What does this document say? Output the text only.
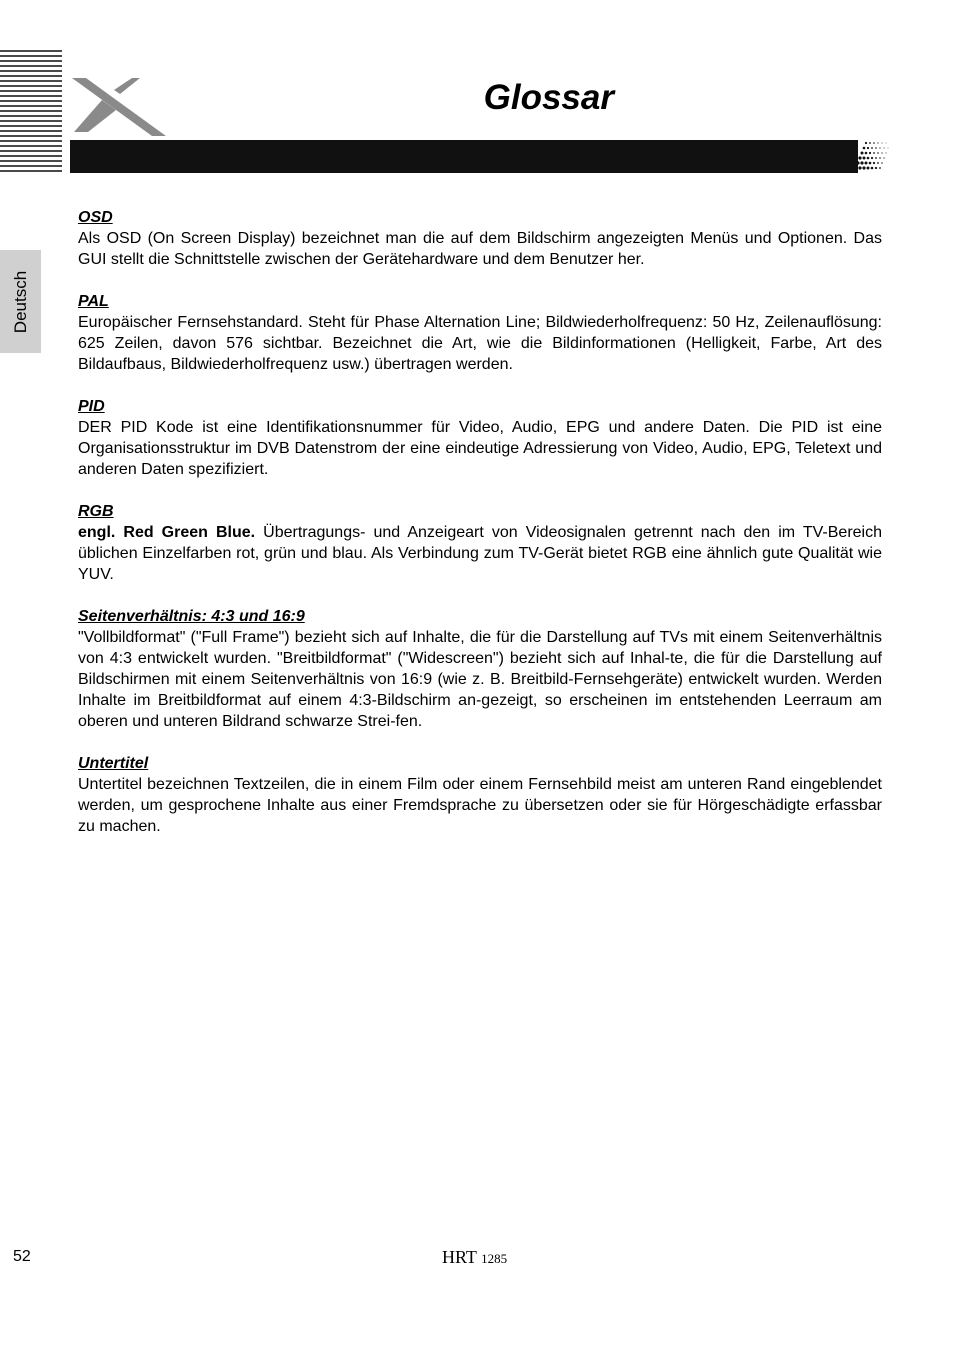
Glossar
Deutsch
OSD
Als OSD (On Screen Display) bezeichnet man die auf dem Bildschirm angezeigten Menüs und Optionen. Das GUI stellt die Schnittstelle zwischen der Gerätehardware und dem Benutzer her.
PAL
Europäischer Fernsehstandard. Steht für Phase Alternation Line; Bildwiederholfrequenz: 50 Hz, Zeilenauflösung: 625 Zeilen, davon 576 sichtbar. Bezeichnet die Art, wie die Bildinformationen (Helligkeit, Farbe, Art des Bildaufbaus, Bildwiederholfrequenz usw.) übertragen werden.
PID
DER PID Kode ist eine Identifikationsnummer für Video, Audio, EPG und andere Daten. Die PID ist eine Organisationsstruktur im DVB Datenstrom der eine eindeutige Adressierung von Video, Audio, EPG, Teletext und anderen Daten spezifiziert.
RGB
engl. Red Green Blue. Übertragungs- und Anzeigeart von Videosignalen getrennt nach den im TV-Bereich üblichen Einzelfarben rot, grün und blau. Als Verbindung zum TV-Gerät bietet RGB eine ähnlich gute Qualität wie YUV.
Seitenverhältnis: 4:3 und 16:9
"Vollbildformat" ("Full Frame") bezieht sich auf Inhalte, die für die Darstellung auf TVs mit einem Seitenverhältnis von 4:3 entwickelt wurden. "Breitbildformat" ("Widescreen") bezieht sich auf Inhal-te, die für die Darstellung auf Bildschirmen mit einem Seitenverhältnis von 16:9 (wie z. B. Breitbild-Fernsehgeräte) entwickelt wurden. Werden Inhalte im Breitbildformat auf einem 4:3-Bildschirm an-gezeigt, so erscheinen im entstehenden Leerraum am oberen und unteren Bildrand schwarze Strei-fen.
Untertitel
Untertitel bezeichnen Textzeilen, die in einem Film oder einem Fernsehbild meist am unteren Rand eingeblendet werden, um gesprochene Inhalte aus einer Fremdsprache zu übersetzen oder sie für Hörgeschädigte erfassbar zu machen.
52	HRT 1285
